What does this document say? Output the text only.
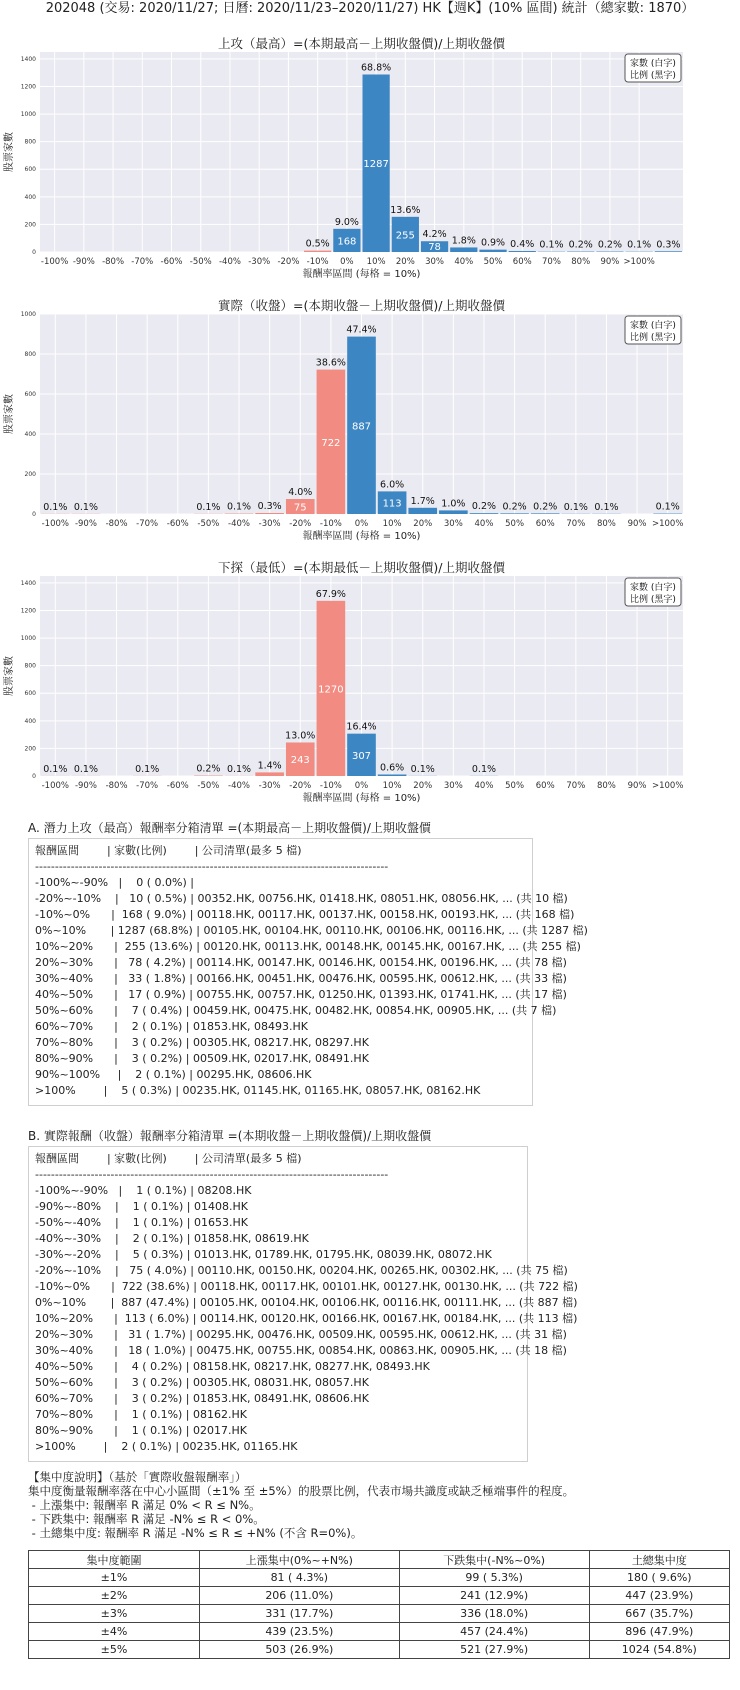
202048 (交易: 2020/11/27; 日曆: 2020/11/23–2020/11/27) HK【週K】(10% 區間) 統計（總家數: 1870）
上攻（最高）=(本期最高－上期收盤價)/上期收盤價
0
200
400
600
800
1000
1200
1400
股票家數
-100% -90% -80% -70% -60% -50% -40% -30% -20% -10% 0% 10% 20% 30% 40% 50% 60% 70% 80% 90% >100%
報酬率區間 (每格 = 10%)
0.5%
9.0%
168
68.8%
1287
13.6%
255 4.2%
78
1.8% 0.9% 0.4% 0.1% 0.2% 0.2% 0.1% 0.3%
家數 (白字)
比例 (黑字)
實際（收盤）=(本期收盤－上期收盤價)/上期收盤價
0
200
400
600
800
1000
股票家數
-100% -90% -80% -70% -60% -50% -40% -30% -20% -10% 0% 10% 20% 30% 40% 50% 60% 70% 80% 90% >100%
報酬率區間 (每格 = 10%)
0.1% 0.1%	0.1% 0.1% 0.3%
4.0%
75
38.6%
722
47.4%
887
6.0%
113 1.7% 1.0% 0.2% 0.2% 0.2% 0.1% 0.1%	0.1%
家數 (白字)
比例 (黑字)
下探（最低）=(本期最低－上期收盤價)/上期收盤價
0
200
400
600
800
1000
1200
1400
股票家數
-100% -90% -80% -70% -60% -50% -40% -30% -20% -10% 0% 10% 20% 30% 40% 50% 60% 70% 80% 90% >100%
報酬率區間 (每格 = 10%)
0.1% 0.1%	0.1%	0.2% 0.1% 1.4%
13.0%
243
67.9%
1270
16.4%
307
0.6% 0.1%	0.1%
家數 (白字)
比例 (黑字)
A. 潛力上攻（最高）報酬率分箱清單 =(本期最高－上期收盤價)/上期收盤價
報酬區間        | 家數(比例)        | 公司清單(最多 5 檔)
-----------------------------------------------------------------------------------------
-100%~-90%   |    0 ( 0.0%) |
-20%~-10%    |   10 ( 0.5%) | 00352.HK, 00756.HK, 01418.HK, 08051.HK, 08056.HK, ... (共 10 檔)
-10%~0%      |  168 ( 9.0%) | 00118.HK, 00117.HK, 00137.HK, 00158.HK, 00193.HK, ... (共 168 檔)
0%~10%       | 1287 (68.8%) | 00105.HK, 00104.HK, 00110.HK, 00106.HK, 00116.HK, ... (共 1287 檔)
10%~20%      |  255 (13.6%) | 00120.HK, 00113.HK, 00148.HK, 00145.HK, 00167.HK, ... (共 255 檔)
20%~30%      |   78 ( 4.2%) | 00114.HK, 00147.HK, 00146.HK, 00154.HK, 00196.HK, ... (共 78 檔)
30%~40%      |   33 ( 1.8%) | 00166.HK, 00451.HK, 00476.HK, 00595.HK, 00612.HK, ... (共 33 檔)
40%~50%      |   17 ( 0.9%) | 00755.HK, 00757.HK, 01250.HK, 01393.HK, 01741.HK, ... (共 17 檔)
50%~60%      |    7 ( 0.4%) | 00459.HK, 00475.HK, 00482.HK, 00854.HK, 00905.HK, ... (共 7 檔)
60%~70%      |    2 ( 0.1%) | 01853.HK, 08493.HK
70%~80%      |    3 ( 0.2%) | 00305.HK, 08217.HK, 08297.HK
80%~90%      |    3 ( 0.2%) | 00509.HK, 02017.HK, 08491.HK
90%~100%     |    2 ( 0.1%) | 00295.HK, 08606.HK
>100%        |    5 ( 0.3%) | 00235.HK, 01145.HK, 01165.HK, 08057.HK, 08162.HK
B. 實際報酬（收盤）報酬率分箱清單 =(本期收盤－上期收盤價)/上期收盤價
報酬區間        | 家數(比例)        | 公司清單(最多 5 檔)
-----------------------------------------------------------------------------------------
-100%~-90%   |    1 ( 0.1%) | 08208.HK
-90%~-80%    |    1 ( 0.1%) | 01408.HK
-50%~-40%    |    1 ( 0.1%) | 01653.HK
-40%~-30%    |    2 ( 0.1%) | 01858.HK, 08619.HK
-30%~-20%    |    5 ( 0.3%) | 01013.HK, 01789.HK, 01795.HK, 08039.HK, 08072.HK
-20%~-10%    |   75 ( 4.0%) | 00110.HK, 00150.HK, 00204.HK, 00265.HK, 00302.HK, ... (共 75 檔)
-10%~0%      |  722 (38.6%) | 00118.HK, 00117.HK, 00101.HK, 00127.HK, 00130.HK, ... (共 722 檔)
0%~10%       |  887 (47.4%) | 00105.HK, 00104.HK, 00106.HK, 00116.HK, 00111.HK, ... (共 887 檔)
10%~20%      |  113 ( 6.0%) | 00114.HK, 00120.HK, 00166.HK, 00167.HK, 00184.HK, ... (共 113 檔)
20%~30%      |   31 ( 1.7%) | 00295.HK, 00476.HK, 00509.HK, 00595.HK, 00612.HK, ... (共 31 檔)
30%~40%      |   18 ( 1.0%) | 00475.HK, 00755.HK, 00854.HK, 00863.HK, 00905.HK, ... (共 18 檔)
40%~50%      |    4 ( 0.2%) | 08158.HK, 08217.HK, 08277.HK, 08493.HK
50%~60%      |    3 ( 0.2%) | 00305.HK, 08031.HK, 08057.HK
60%~70%      |    3 ( 0.2%) | 01853.HK, 08491.HK, 08606.HK
70%~80%      |    1 ( 0.1%) | 08162.HK
80%~90%      |    1 ( 0.1%) | 02017.HK
>100%        |    2 ( 0.1%) | 00235.HK, 01165.HK
【集中度說明】（基於「實際收盤報酬率」）
集中度衡量報酬率落在中心小區間（±1% 至 ±5%）的股票比例，代表市場共識度或缺乏極端事件的程度。
- 上漲集中: 報酬率 R 滿足 0% < R ≤ N%。
- 下跌集中: 報酬率 R 滿足 -N% ≤ R < 0%。
- 土總集中度: 報酬率 R 滿足 -N% ≤ R ≤ +N% (不含 R=0%)。
集中度範圍	上漲集中(0%~+N%)	下跌集中(-N%~0%)	土總集中度
±1%	81 ( 4.3%)	99 ( 5.3%)	180 ( 9.6%)
±2%	206 (11.0%)	241 (12.9%)	447 (23.9%)
±3%	331 (17.7%)	336 (18.0%)	667 (35.7%)
±4%	439 (23.5%)	457 (24.4%)	896 (47.9%)
±5%	503 (26.9%)	521 (27.9%)	1024 (54.8%)
